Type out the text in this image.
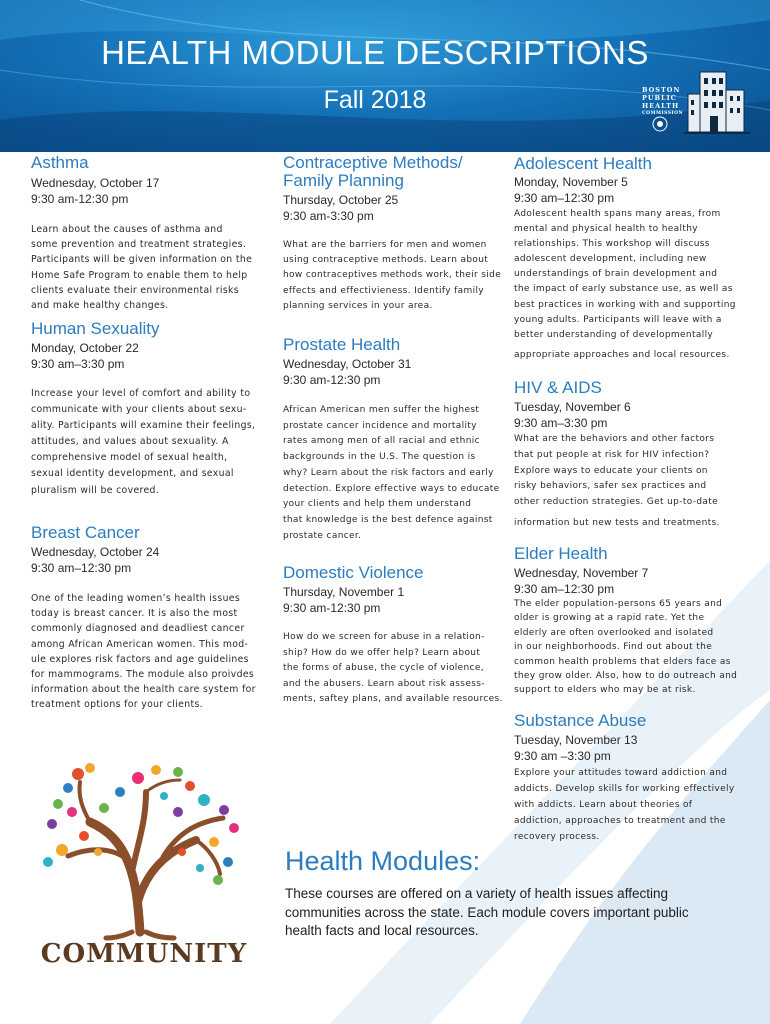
HEALTH MODULE DESCRIPTIONS
Fall 2018	BOSTON
PUBLIC
HEALTH
COMMISSION
Asthma
Wednesday, October 17
9:30 am-12:30 pm
Learn about the causes of asthma and
some prevention and treatment strategies.
Participants will be given information on the
Home Safe Program to enable them to help
clients evaluate their environmental risks
and make healthy changes.
Human Sexuality
Monday, October 22
9:30 am–3:30 pm
Increase your level of comfort and ability to
communicate with your clients about sexu-
ality. Participants will examine their feelings,
attitudes, and values about sexuality. A
comprehensive model of sexual health,
sexual identity development, and sexual
pluralism will be covered.
Breast Cancer
Wednesday, October 24
9:30 am–12:30 pm
One of the leading women’s health issues
today is breast cancer. It is also the most
commonly diagnosed and deadliest cancer
among African American women. This mod-
ule explores risk factors and age guidelines
for mammograms. The module also proivdes
information about the health care system for
treatment options for your clients.
Contraceptive Methods/
Family Planning
Thursday, October 25
9:30 am-3:30 pm
What are the barriers for men and women
using contraceptive methods. Learn about
how contraceptives methods work, their side
effects and effectivieness. Identify family
planning services in your area.
Prostate Health
Wednesday, October 31
9:30 am-12:30 pm
African American men suffer the highest
prostate cancer incidence and mortality
rates among men of all racial and ethnic
backgrounds in the U.S. The question is
why? Learn about the risk factors and early
detection. Explore effective ways to educate
your clients and help them understand
that knowledge is the best defence against
prostate cancer.
Domestic Violence
Thursday, November 1
9:30 am-12:30 pm
How do we screen for abuse in a relation-
ship? How do we offer help? Learn about
the forms of abuse, the cycle of violence,
and the abusers. Learn about risk assess-
ments, saftey plans, and available resources.
Adolescent Health
Monday, November 5
9:30 am–12:30 pm
Adolescent health spans many areas, from
mental and physical health to healthy
relationships. This workshop will discuss
adolescent development, including new
understandings of brain development and
the impact of early substance use, as well as
best practices in working with and supporting
young adults. Participants will leave with a
better understanding of developmentally
appropriate approaches and local resources.
HIV & AIDS
Tuesday, November 6
9:30 am–3:30 pm
What are the behaviors and other factors
that put people at risk for HIV infection?
Explore ways to educate your clients on
risky behaviors, safer sex practices and
other reduction strategies. Get up-to-date
information but new tests and treatments.
Elder Health
Wednesday, November 7
9:30 am–12:30 pm
The elder population-persons 65 years and
older is growing at a rapid rate. Yet the
elderly are often overlooked and isolated
in our neighborhoods. Find out about the
common health problems that elders face as
they grow older. Also, how to do outreach and
support to elders who may be at risk.
Substance Abuse
Tuesday, November 13
9:30 am –3:30 pm
Explore your attitudes toward addiction and
addicts. Develop skills for working effectively
with addicts. Learn about theories of
addiction, approaches to treatment and the
recovery process.
COMMUNITY
Health Modules:
These courses are offered on a variety of health issues affecting
communities across the state. Each module covers important public
health facts and local resources.
